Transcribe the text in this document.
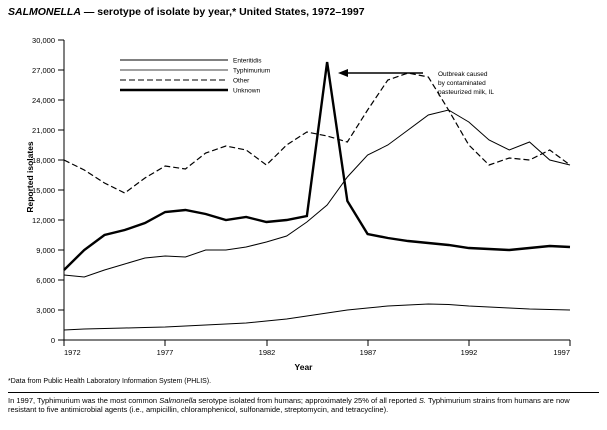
SALMONELLA — serotype of isolate by year,* United States, 1972–1997
Reported isolates
30,000
27,000
24,000
21,000
18,000
15,000
12,000
9,000
6,000
3,000
0
1972	1977	1982	1987	1992	1997
Enteritidis
Typhimurium
Other
Unknown
Outbreak caused
by contaminated
pasteurized milk, IL
Year
*Data from Public Health Laboratory Information System (PHLIS).
In 1997, Typhimurium was the most common Salmonella serotype isolated from humans; approximately 25% of all reported S. Typhimurium strains from humans are now resistant to five antimicrobial agents (i.e., ampicillin, chloramphenicol, sulfonamide, streptomycin, and tetracycline).
